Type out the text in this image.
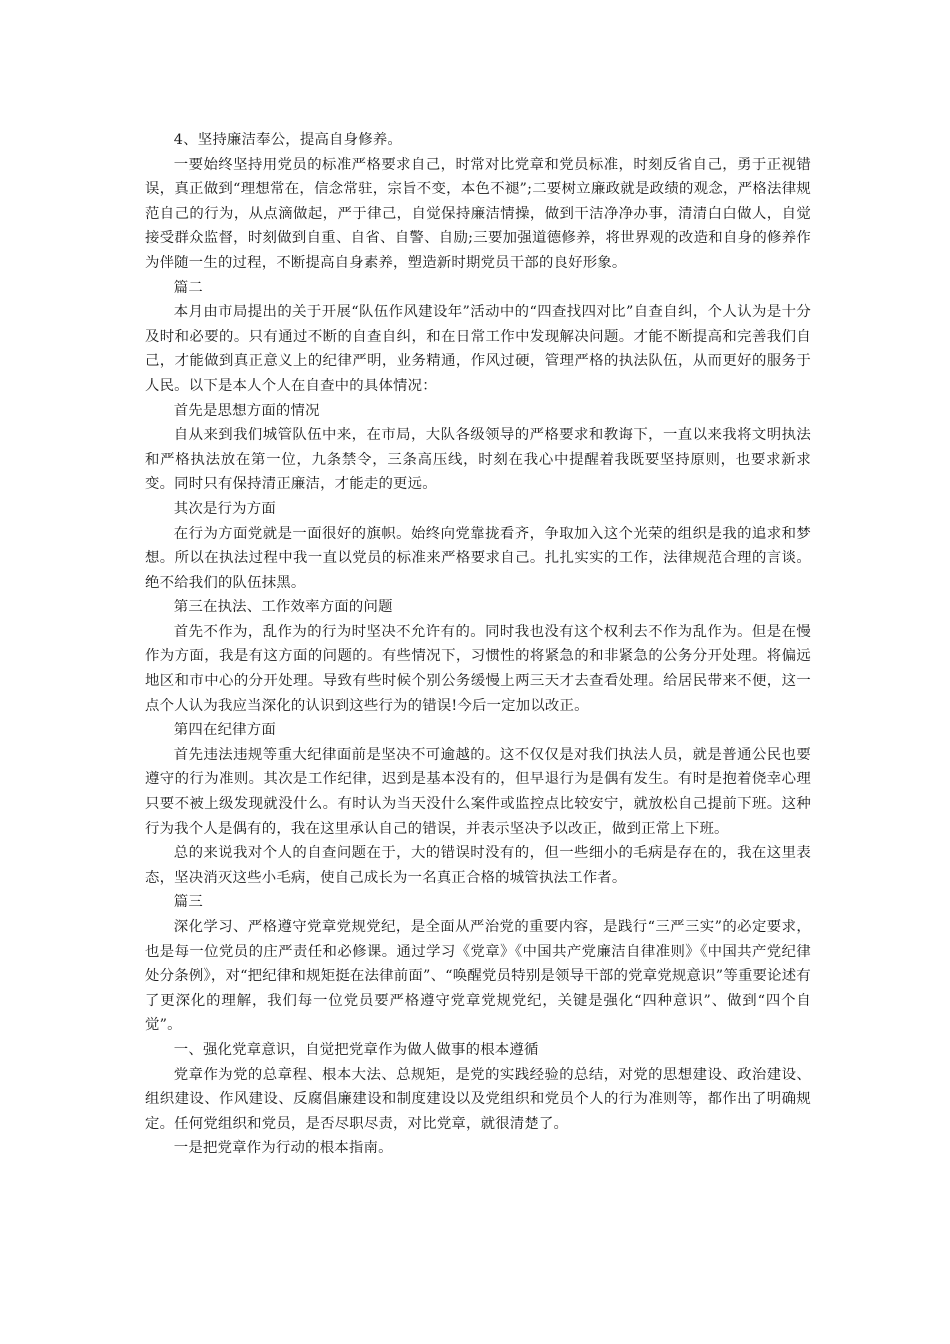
4、坚持廉洁奉公，提高自身修养。

一要始终坚持用党员的标准严格要求自己，时常对比党章和党员标准，时刻反省自己，勇于正视错误，真正做到“理想常在，信念常驻，宗旨不变，本色不褪”;二要树立廉政就是政绩的观念，严格法律规范自己的行为，从点滴做起，严于律己，自觉保持廉洁情操，做到干洁净净办事，清清白白做人，自觉接受群众监督，时刻做到自重、自省、自警、自励;三要加强道德修养，将世界观的改造和自身的修养作为伴随一生的过程，不断提高自身素养，塑造新时期党员干部的良好形象。

篇二

本月由市局提出的关于开展“队伍作风建设年”活动中的“四查找四对比”自查自纠，个人认为是十分及时和必要的。只有通过不断的自查自纠，和在日常工作中发现解决问题。才能不断提高和完善我们自己，才能做到真正意义上的纪律严明，业务精通，作风过硬，管理严格的执法队伍，从而更好的服务于人民。以下是本人个人在自查中的具体情况：

首先是思想方面的情况

自从来到我们城管队伍中来，在市局，大队各级领导的严格要求和教诲下，一直以来我将文明执法和严格执法放在第一位，九条禁令，三条高压线，时刻在我心中提醒着我既要坚持原则，也要求新求变。同时只有保持清正廉洁，才能走的更远。

其次是行为方面

在行为方面党就是一面很好的旗帜。始终向党靠拢看齐，争取加入这个光荣的组织是我的追求和梦想。所以在执法过程中我一直以党员的标准来严格要求自己。扎扎实实的工作，法律规范合理的言谈。绝不给我们的队伍抹黑。

第三在执法、工作效率方面的问题

首先不作为，乱作为的行为时坚决不允许有的。同时我也没有这个权利去不作为乱作为。但是在慢作为方面，我是有这方面的问题的。有些情况下，习惯性的将紧急的和非紧急的公务分开处理。将偏远地区和市中心的分开处理。导致有些时候个别公务缓慢上两三天才去查看处理。给居民带来不便，这一点个人认为我应当深化的认识到这些行为的错误!今后一定加以改正。

第四在纪律方面

首先违法违规等重大纪律面前是坚决不可逾越的。这不仅仅是对我们执法人员，就是普通公民也要遵守的行为准则。其次是工作纪律，迟到是基本没有的，但早退行为是偶有发生。有时是抱着侥幸心理只要不被上级发现就没什么。有时认为当天没什么案件或监控点比较安宁，就放松自己提前下班。这种行为我个人是偶有的，我在这里承认自己的错误，并表示坚决予以改正，做到正常上下班。

总的来说我对个人的自查问题在于，大的错误时没有的，但一些细小的毛病是存在的，我在这里表态，坚决消灭这些小毛病，使自己成长为一名真正合格的城管执法工作者。

篇三

深化学习、严格遵守党章党规党纪，是全面从严治党的重要内容，是践行“三严三实”的必定要求，也是每一位党员的庄严责任和必修课。通过学习《党章》《中国共产党廉洁自律准则》《中国共产党纪律处分条例》，对“把纪律和规矩挺在法律前面”、“唤醒党员特别是领导干部的党章党规意识”等重要论述有了更深化的理解，我们每一位党员要严格遵守党章党规党纪，关键是强化“四种意识”、做到“四个自觉”。

一、强化党章意识，自觉把党章作为做人做事的根本遵循

党章作为党的总章程、根本大法、总规矩，是党的实践经验的总结，对党的思想建设、政治建设、组织建设、作风建设、反腐倡廉建设和制度建设以及党组织和党员个人的行为准则等，都作出了明确规定。任何党组织和党员，是否尽职尽责，对比党章，就很清楚了。

一是把党章作为行动的根本指南。
